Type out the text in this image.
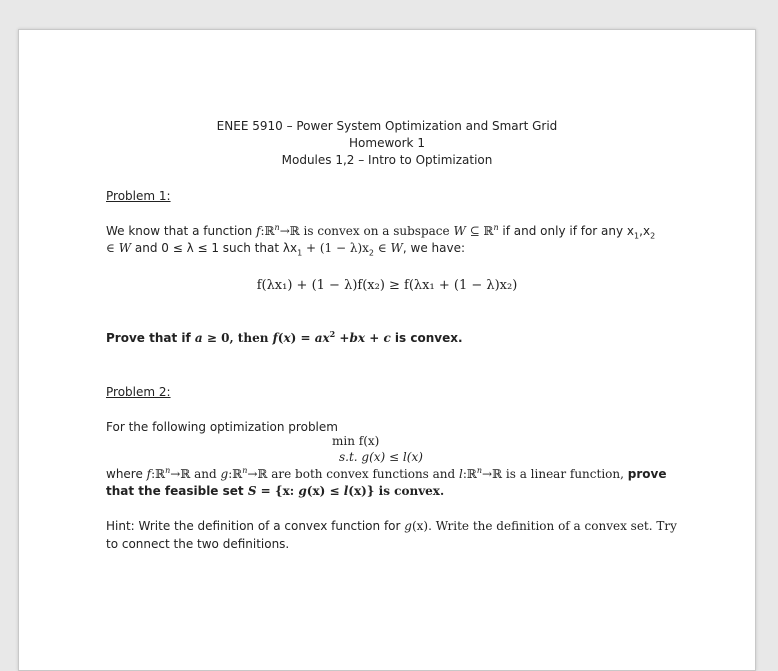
ENEE 5910 – Power System Optimization and Smart Grid
Homework 1
Modules 1,2 – Intro to Optimization
Problem 1:
We know that a function f:ℝ$^n$→ℝ is convex on a subspace W ⊆ ℝ$^n$ if and only if for any $x_1,x_2$
∈ W and 0 ≤ λ ≤ 1 such that $\lambda x_1 + (1 - \lambda)x_2$ ∈ W, we have:
f(λx₁) + (1 − λ)f(x₂) ≥ f(λx₁ + (1 − λ)x₂)
Prove that if a ≥ 0, then $f(x) = ax^2 +bx + c$ is convex.
Problem 2:
For the following optimization problem
min f(x)
s.t. g(x) ≤ l(x)
where f:ℝ$^n$→ℝ and g:ℝ$^n$→ℝ are both convex functions and l:ℝ$^n$→ℝ is a linear function, prove
that the feasible set S = {x: g(x) ≤ l(x)} is convex.
Hint: Write the definition of a convex function for g(x). Write the definition of a convex set. Try
to connect the two definitions.
